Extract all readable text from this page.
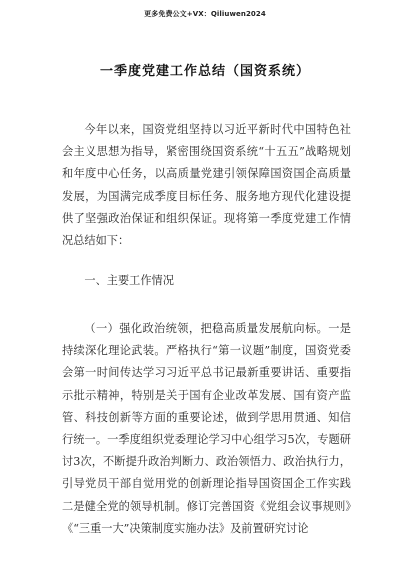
更多免费公文+VX：Qiliuwen2024
一季度党建工作总结（国资系统）

今年以来，国资党组坚持以习近平新时代中国特色社会主义思想为指导，紧密围绕国资系统“十五五”战略规划和年度中心任务，以高质量党建引领保障国资国企高质量发展，为国满完成季度目标任务、服务地方现代化建设提供了坚强政治保证和组织保证。现将第一季度党建工作情况总结如下：

一、主要工作情况

（一）强化政治统领，把稳高质量发展航向标。一是持续深化理论武装。严格执行“第一议题”制度，国资党委会第一时间传达学习习近平总书记最新重要讲话、重要指示批示精神，特别是关于国有企业改革发展、国有资产监管、科技创新等方面的重要论述，做到学思用贯通、知信行统一。一季度组织党委理论学习中心组学习5次，专题研讨3次，不断提升政治判断力、政治领悟力、政治执行力，引导党员干部自觉用党的创新理论指导国资国企工作实践二是健全党的领导机制。修订完善国资《党组会议事规则》《“三重一大”决策制度实施办法》及前置研究讨论
